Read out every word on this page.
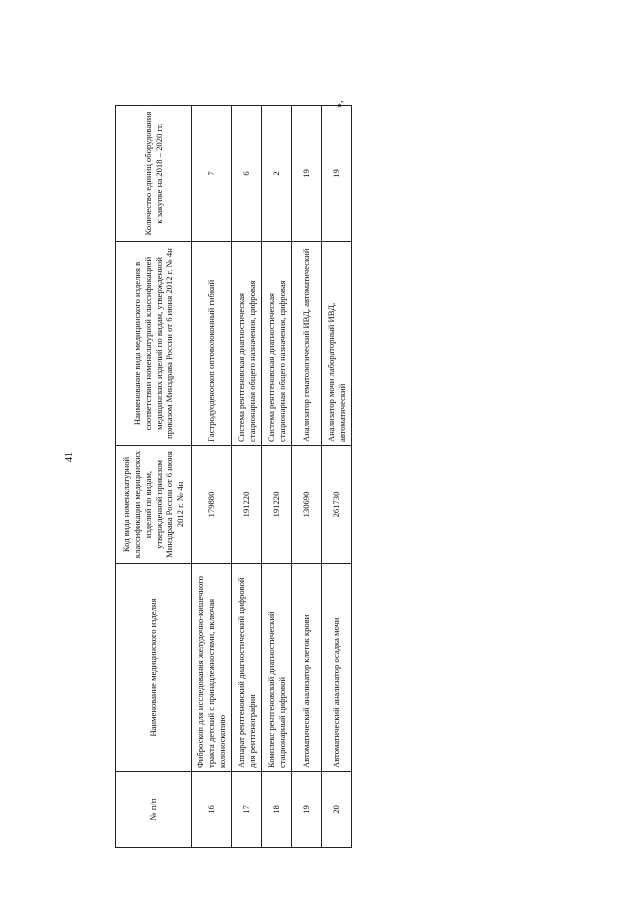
41
»,
№ п/п	Наименование медицинского изделия	Код вида номенклатурной классификации медицинских изделий по видам, утвержденной приказом Минздрава России от 6 июня 2012 г. № 4н	Наименование вида медицинского изделия в соответствии номенклатурной классификацией медицинских изделий по видам, утвержденной приказом Минздрава России от 6 июня 2012 г. № 4н	Количество единиц оборудования к закупке на 2018 – 2020 гг.
16	Фиброскоп для исследования желудочно-кишечного тракта детский с принадлежностями, включая колоноскопию	179880	Гастродуоденоскоп оптоволоконный гибкий	7
17	Аппарат рентгеновский диагностический цифровой для рентгенографии	191220	Система рентгеновская диагностическая стационарная общего назначения, цифровая	6
18	Комплекс рентгеновский диагностический стационарный цифровой	191220	Система рентгеновская диагностическая стационарная общего назначения, цифровая	2
19	Автоматический анализатор клеток крови	130690	Анализатор гематологический ИВД, автоматический	19
20	Автоматический анализатор осадка мочи	261730	Анализатор мочи лабораторный ИВД, автоматический	19
